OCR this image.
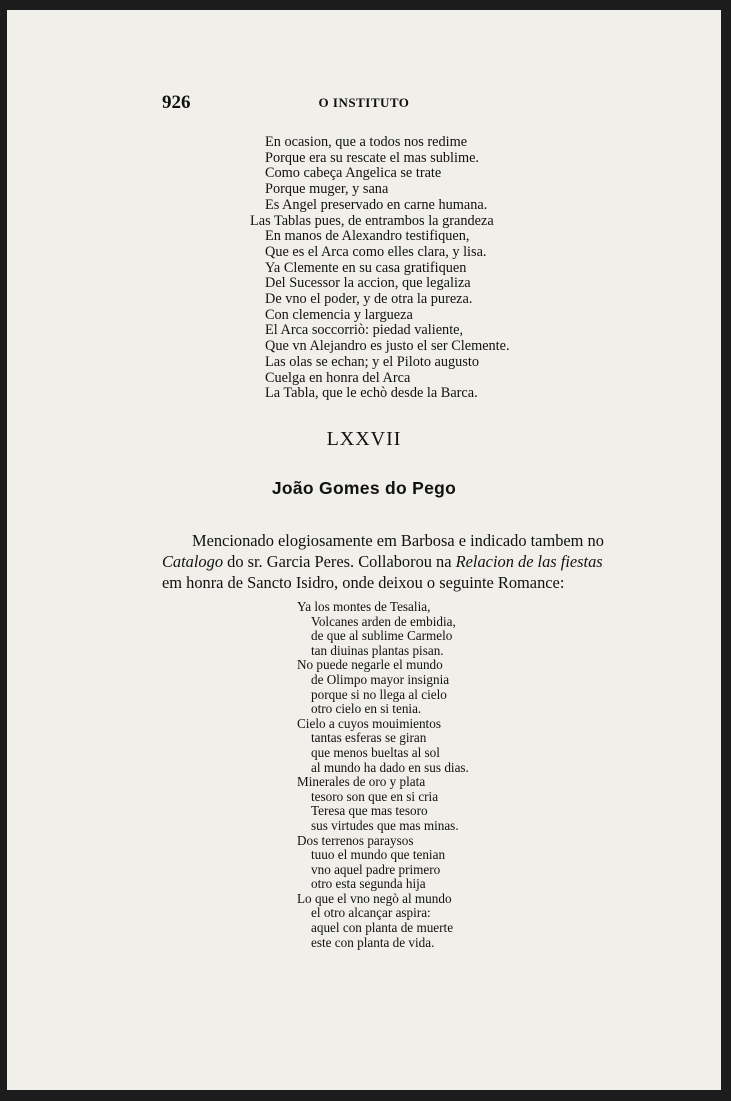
926	O INSTITUTO
En ocasion, que a todos nos redime
Porque era su rescate el mas sublime.
Como cabeça Angelica se trate
Porque muger, y sana
Es Angel preservado en carne humana.
Las Tablas pues, de entrambos la grandeza
En manos de Alexandro testifiquen,
Que es el Arca como elles clara, y lisa.
Ya Clemente en su casa gratifiquen
Del Sucessor la accion, que legaliza
De vno el poder, y de otra la pureza.
Con clemencia y largueza
El Arca soccorriò: piedad valiente,
Que vn Alejandro es justo el ser Clemente.
Las olas se echan; y el Piloto augusto
Cuelga en honra del Arca
La Tabla, que le echò desde la Barca.
LXXVII
João Gomes do Pego
Mencionado elogiosamente em Barbosa e indicado tambem no
Catalogo do sr. Garcia Peres. Collaborou na Relacion de las fiestas
em honra de Sancto Isidro, onde deixou o seguinte Romance:
Ya los montes de Tesalia,
Volcanes arden de embidia,
de que al sublime Carmelo
tan diuinas plantas pisan.
No puede negarle el mundo
de Olimpo mayor insignia
porque si no llega al cielo
otro cielo en si tenia.
Cielo a cuyos mouimientos
tantas esferas se giran
que menos bueltas al sol
al mundo ha dado en sus dias.
Minerales de oro y plata
tesoro son que en si cria
Teresa que mas tesoro
sus virtudes que mas minas.
Dos terrenos paraysos
tuuo el mundo que tenian
vno aquel padre primero
otro esta segunda hija
Lo que el vno negò al mundo
el otro alcançar aspira:
aquel con planta de muerte
este con planta de vida.
